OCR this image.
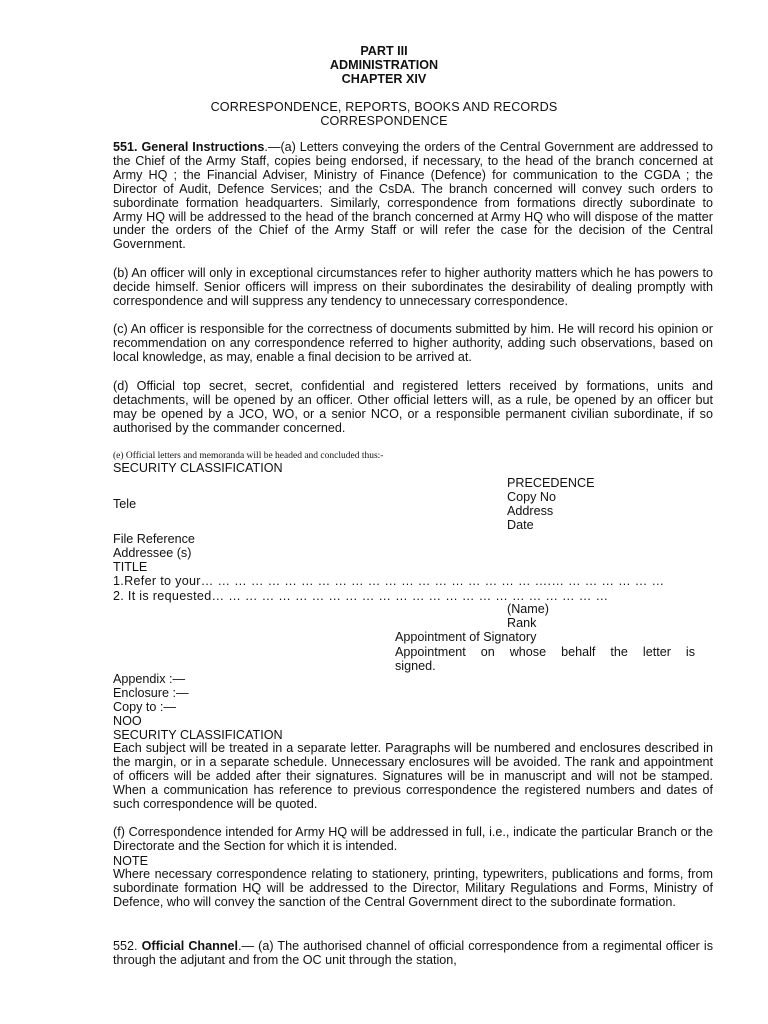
PART III
ADMINISTRATION
CHAPTER XIV
CORRESPONDENCE, REPORTS, BOOKS AND RECORDS
CORRESPONDENCE

551. General Instructions.—(a) Letters conveying the orders of the Central Government are addressed to the Chief of the Army Staff, copies being endorsed, if necessary, to the head of the branch concerned at Army HQ ; the Financial Adviser, Ministry of Finance (Defence) for communication to the CGDA ; the Director of Audit, Defence Services; and the CsDA. The branch concerned will convey such orders to subordinate formation headquarters. Similarly, correspondence from formations directly subordinate to Army HQ will be addressed to the head of the branch concerned at Army HQ who will dispose of the matter under the orders of the Chief of the Army Staff or will refer the case for the decision of the Central Government.

(b) An officer will only in exceptional circumstances refer to higher authority matters which he has powers to decide himself. Senior officers will impress on their subordinates the desirability of dealing promptly with correspondence and will suppress any tendency to unnecessary correspondence.

(c) An officer is responsible for the correctness of documents submitted by him. He will record his opinion or recommendation on any correspondence referred to higher authority, adding such observations, based on local knowledge, as may, enable a final decision to be arrived at.

(d) Official top secret, secret, confidential and registered letters received by formations, units and detachments, will be opened by an officer. Other official letters will, as a rule, be opened by an officer but may be opened by a JCO, WO, or a senior NCO, or a responsible permanent civilian subordinate, if so authorised by the commander concerned.

(e) Official letters and memoranda will be headed and concluded thus:-
SECURITY CLASSIFICATION
PRECEDENCE
Copy No
Tele	Address
Date
File Reference
Addressee (s)
TITLE
1.Refer to your… … … … … … … … … … … … … … … … … … … … ….… … … … … … …
2. It is requested… … … … … … … … … … … … … … … … … … … … … … … …
(Name)
Rank
Appointment of Signatory
Appointment on whose behalf the letter is
signed.
Appendix :—
Enclosure :—
Copy to :—
NOO
SECURITY CLASSIFICATION

Each subject will be treated in a separate letter. Paragraphs will be numbered and enclosures described in the margin, or in a separate schedule. Unnecessary enclosures will be avoided. The rank and appointment of officers will be added after their signatures. Signatures will be in manuscript and will not be stamped. When a communication has reference to previous correspondence the registered numbers and dates of such correspondence will be quoted.

(f) Correspondence intended for Army HQ will be addressed in full, i.e., indicate the particular Branch or the Directorate and the Section for which it is intended.

NOTE

Where necessary correspondence relating to stationery, printing, typewriters, publications and forms, from subordinate formation HQ will be addressed to the Director, Military Regulations and Forms, Ministry of Defence, who will convey the sanction of the Central Government direct to the subordinate formation.

552. Official Channel.— (a) The authorised channel of official correspondence from a regimental officer is through the adjutant and from the OC unit through the station,
